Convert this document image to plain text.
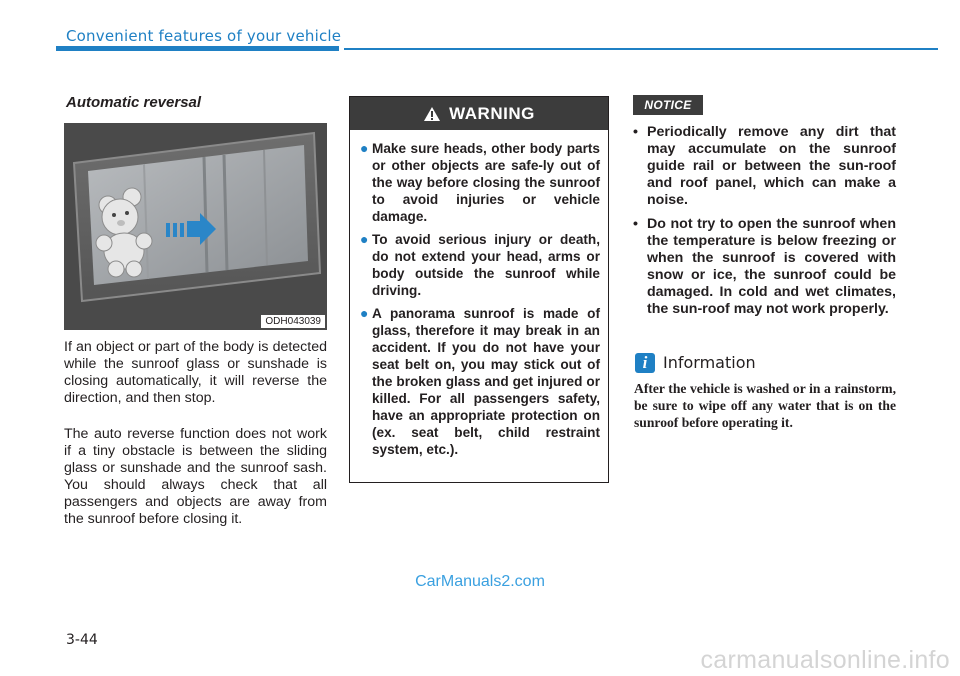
Convenient features of your vehicle
Automatic reversal
ODH043039

If an object or part of the body is detected while the sunroof glass or sunshade is closing automatically, it will reverse the direction, and then stop.

The auto reverse function does not work if a tiny obstacle is between the sliding glass or sunshade and the sunroof sash. You should always check that all passengers and objects are away from the sunroof before closing it.

WARNING
● Make sure heads, other body parts or other objects are safe-ly out of the way before closing the sunroof to avoid injuries or vehicle damage.
● To avoid serious injury or death, do not extend your head, arms or body outside the sunroof while driving.
● A panorama sunroof is made of glass, therefore it may break in an accident. If you do not have your seat belt on, you may stick out of the broken glass and get injured or killed. For all passengers safety, have an appropriate protection on (ex. seat belt, child restraint system, etc.).
NOTICE
• Periodically remove any dirt that may accumulate on the sunroof guide rail or between the sun-roof and roof panel, which can make a noise.
• Do not try to open the sunroof when the temperature is below freezing or when the sunroof is covered with snow or ice, the sunroof could be damaged. In cold and wet climates, the sun-roof may not work properly.
i Information

After the vehicle is washed or in a rainstorm, be sure to wipe off any water that is on the sunroof before operating it.

CarManuals2.com
3-44
carmanualsonline.info
